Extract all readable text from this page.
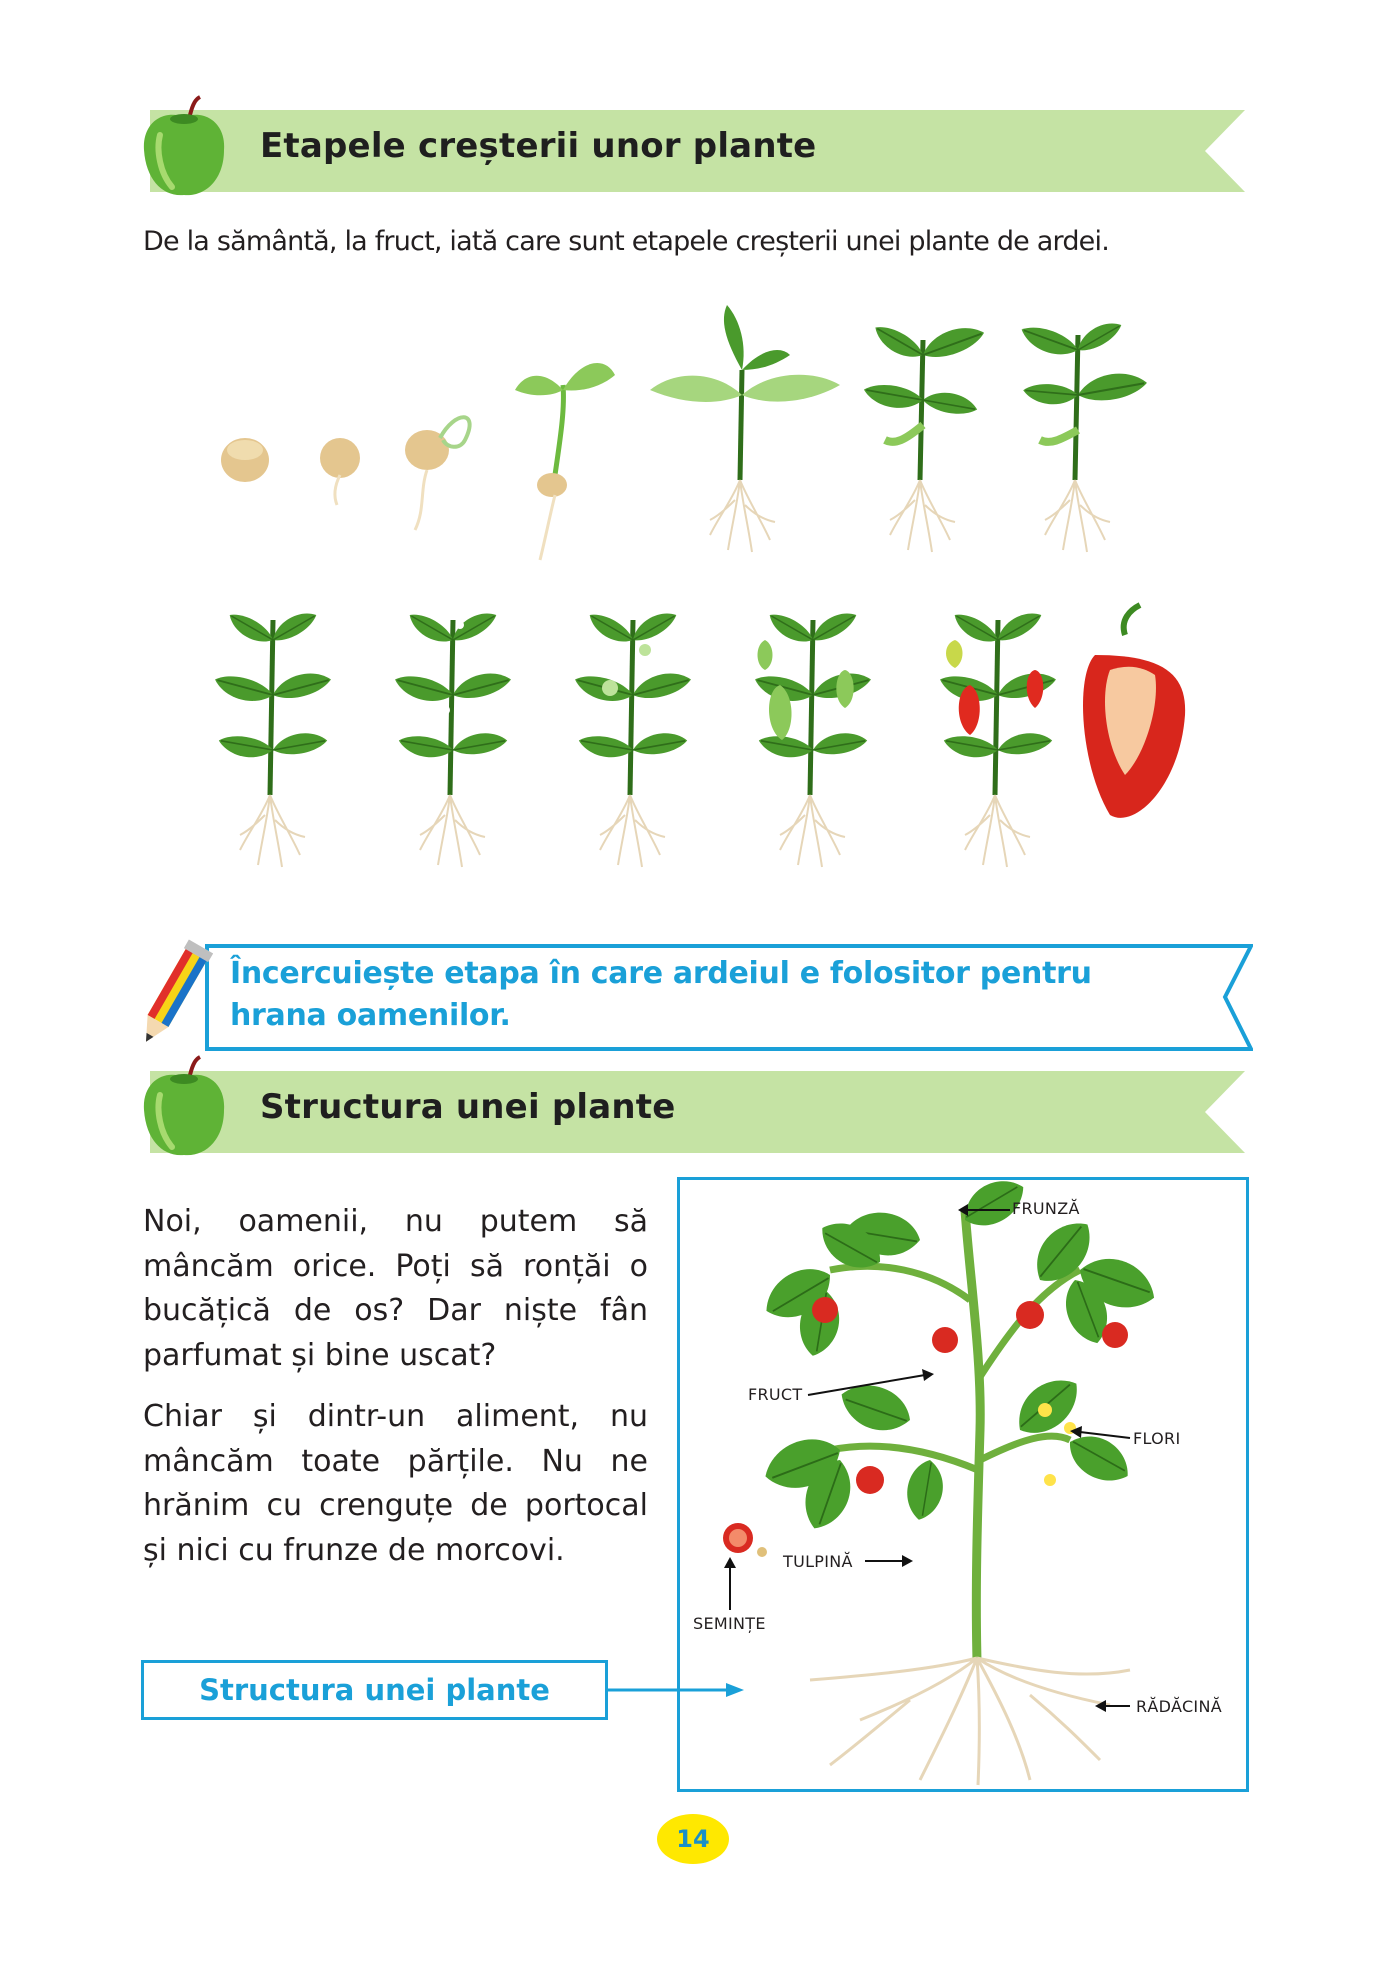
Etapele creșterii unor plante
De la sământă, la fruct, iată care sunt etapele creșterii unei plante de ardei.
Încercuiește etapa în care ardeiul e folositor pentru hrana oamenilor.
Structura unei plante
Noi, oamenii, nu putem să mâncăm orice. Poți să ronțăi o bucățică de os? Dar niște fân parfumat și bine uscat?
Chiar și dintr-un aliment, nu mâncăm toate părțile. Nu ne hrănim cu crenguțe de portocal și nici cu frunze de morcovi.
Structura unei plante
FRUNZĂ
FRUCT
FLORI
TULPINĂ
SEMINȚE
RĂDĂCINĂ
14
